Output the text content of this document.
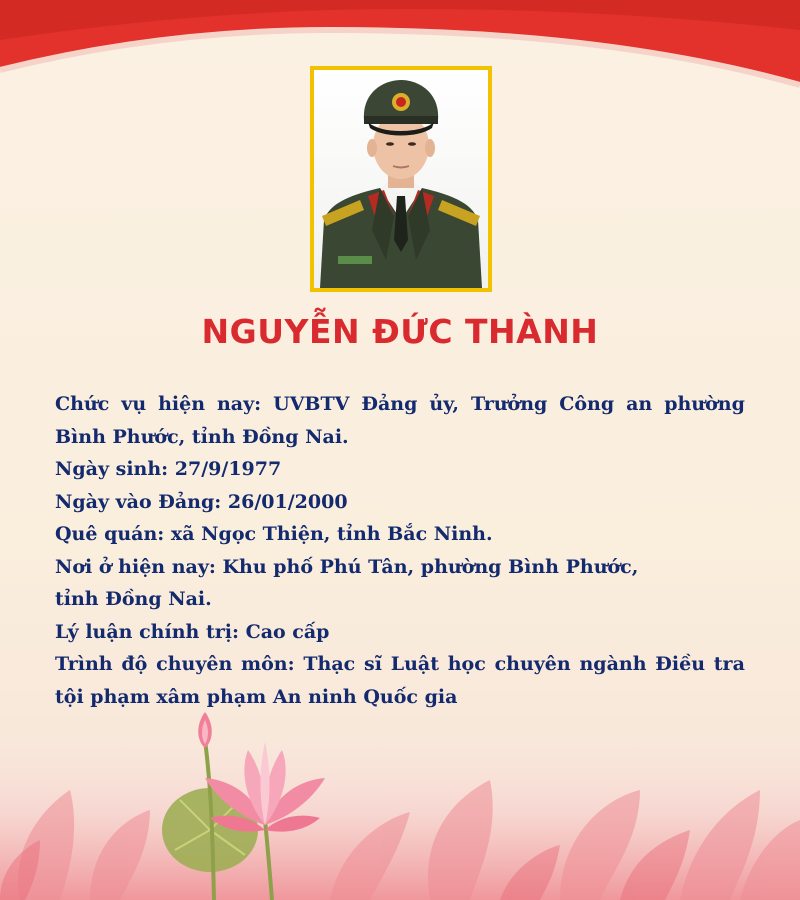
NGUYỄN ĐỨC THÀNH
Chức vụ hiện nay: UVBTV Đảng ủy, Trưởng Công an phường
Bình Phước, tỉnh Đồng Nai.
Ngày sinh: 27/9/1977
Ngày vào Đảng: 26/01/2000
Quê quán: xã Ngọc Thiện, tỉnh Bắc Ninh.
Nơi ở hiện nay: Khu phố Phú Tân, phường Bình Phước,
tỉnh Đồng Nai.
Lý luận chính trị: Cao cấp
Trình độ chuyên môn: Thạc sĩ Luật học chuyên ngành Điều tra
tội phạm xâm phạm An ninh Quốc gia
